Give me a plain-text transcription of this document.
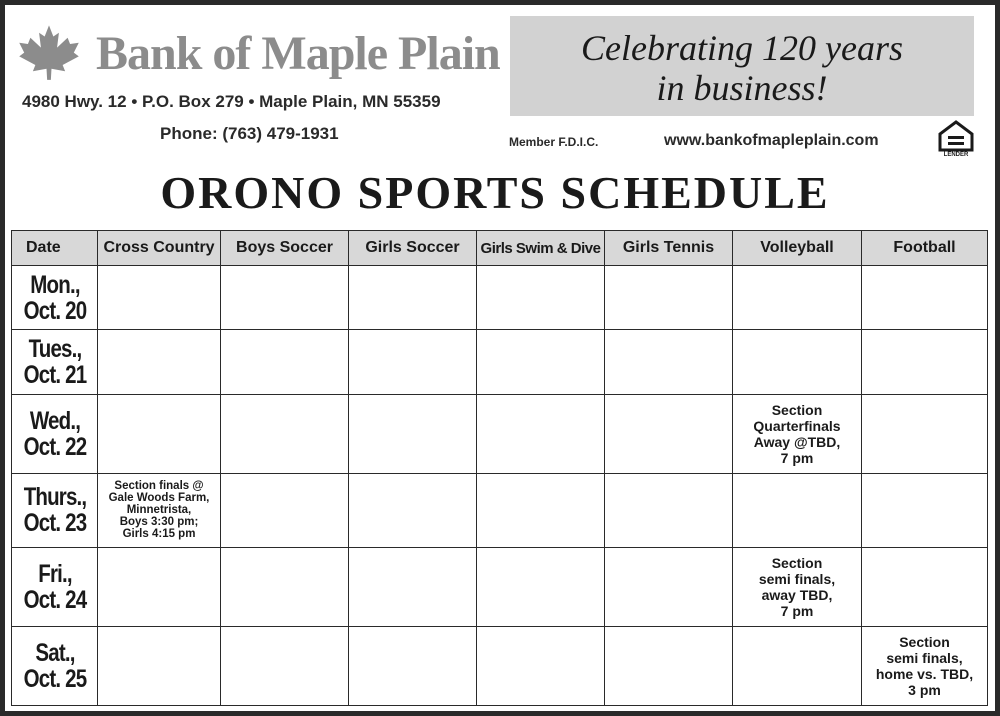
Bank of Maple Plain
4980 Hwy. 12 • P.O. Box 279 • Maple Plain, MN 55359
Phone: (763) 479-1931
Celebrating 120 years
in business!
Member F.D.I.C.	www.bankofmapleplain.com
LENDER
ORONO SPORTS SCHEDULE
Date	Cross Country	Boys Soccer	Girls Soccer	Girls Swim & Dive	Girls Tennis	Volleyball	Football

Mon.,
Oct. 20							

Tues.,
Oct. 21							

Wed.,
Oct. 22						Section
Quarterfinals
Away @TBD,
7 pm	

Thurs.,
Oct. 23	Section finals @
Gale Woods Farm,
Minnetrista,
Boys 3:30 pm;
Girls 4:15 pm						

Fri.,
Oct. 24						Section
semi finals,
away TBD,
7 pm	

Sat.,
Oct. 25							Section
semi finals,
home vs. TBD,
3 pm
